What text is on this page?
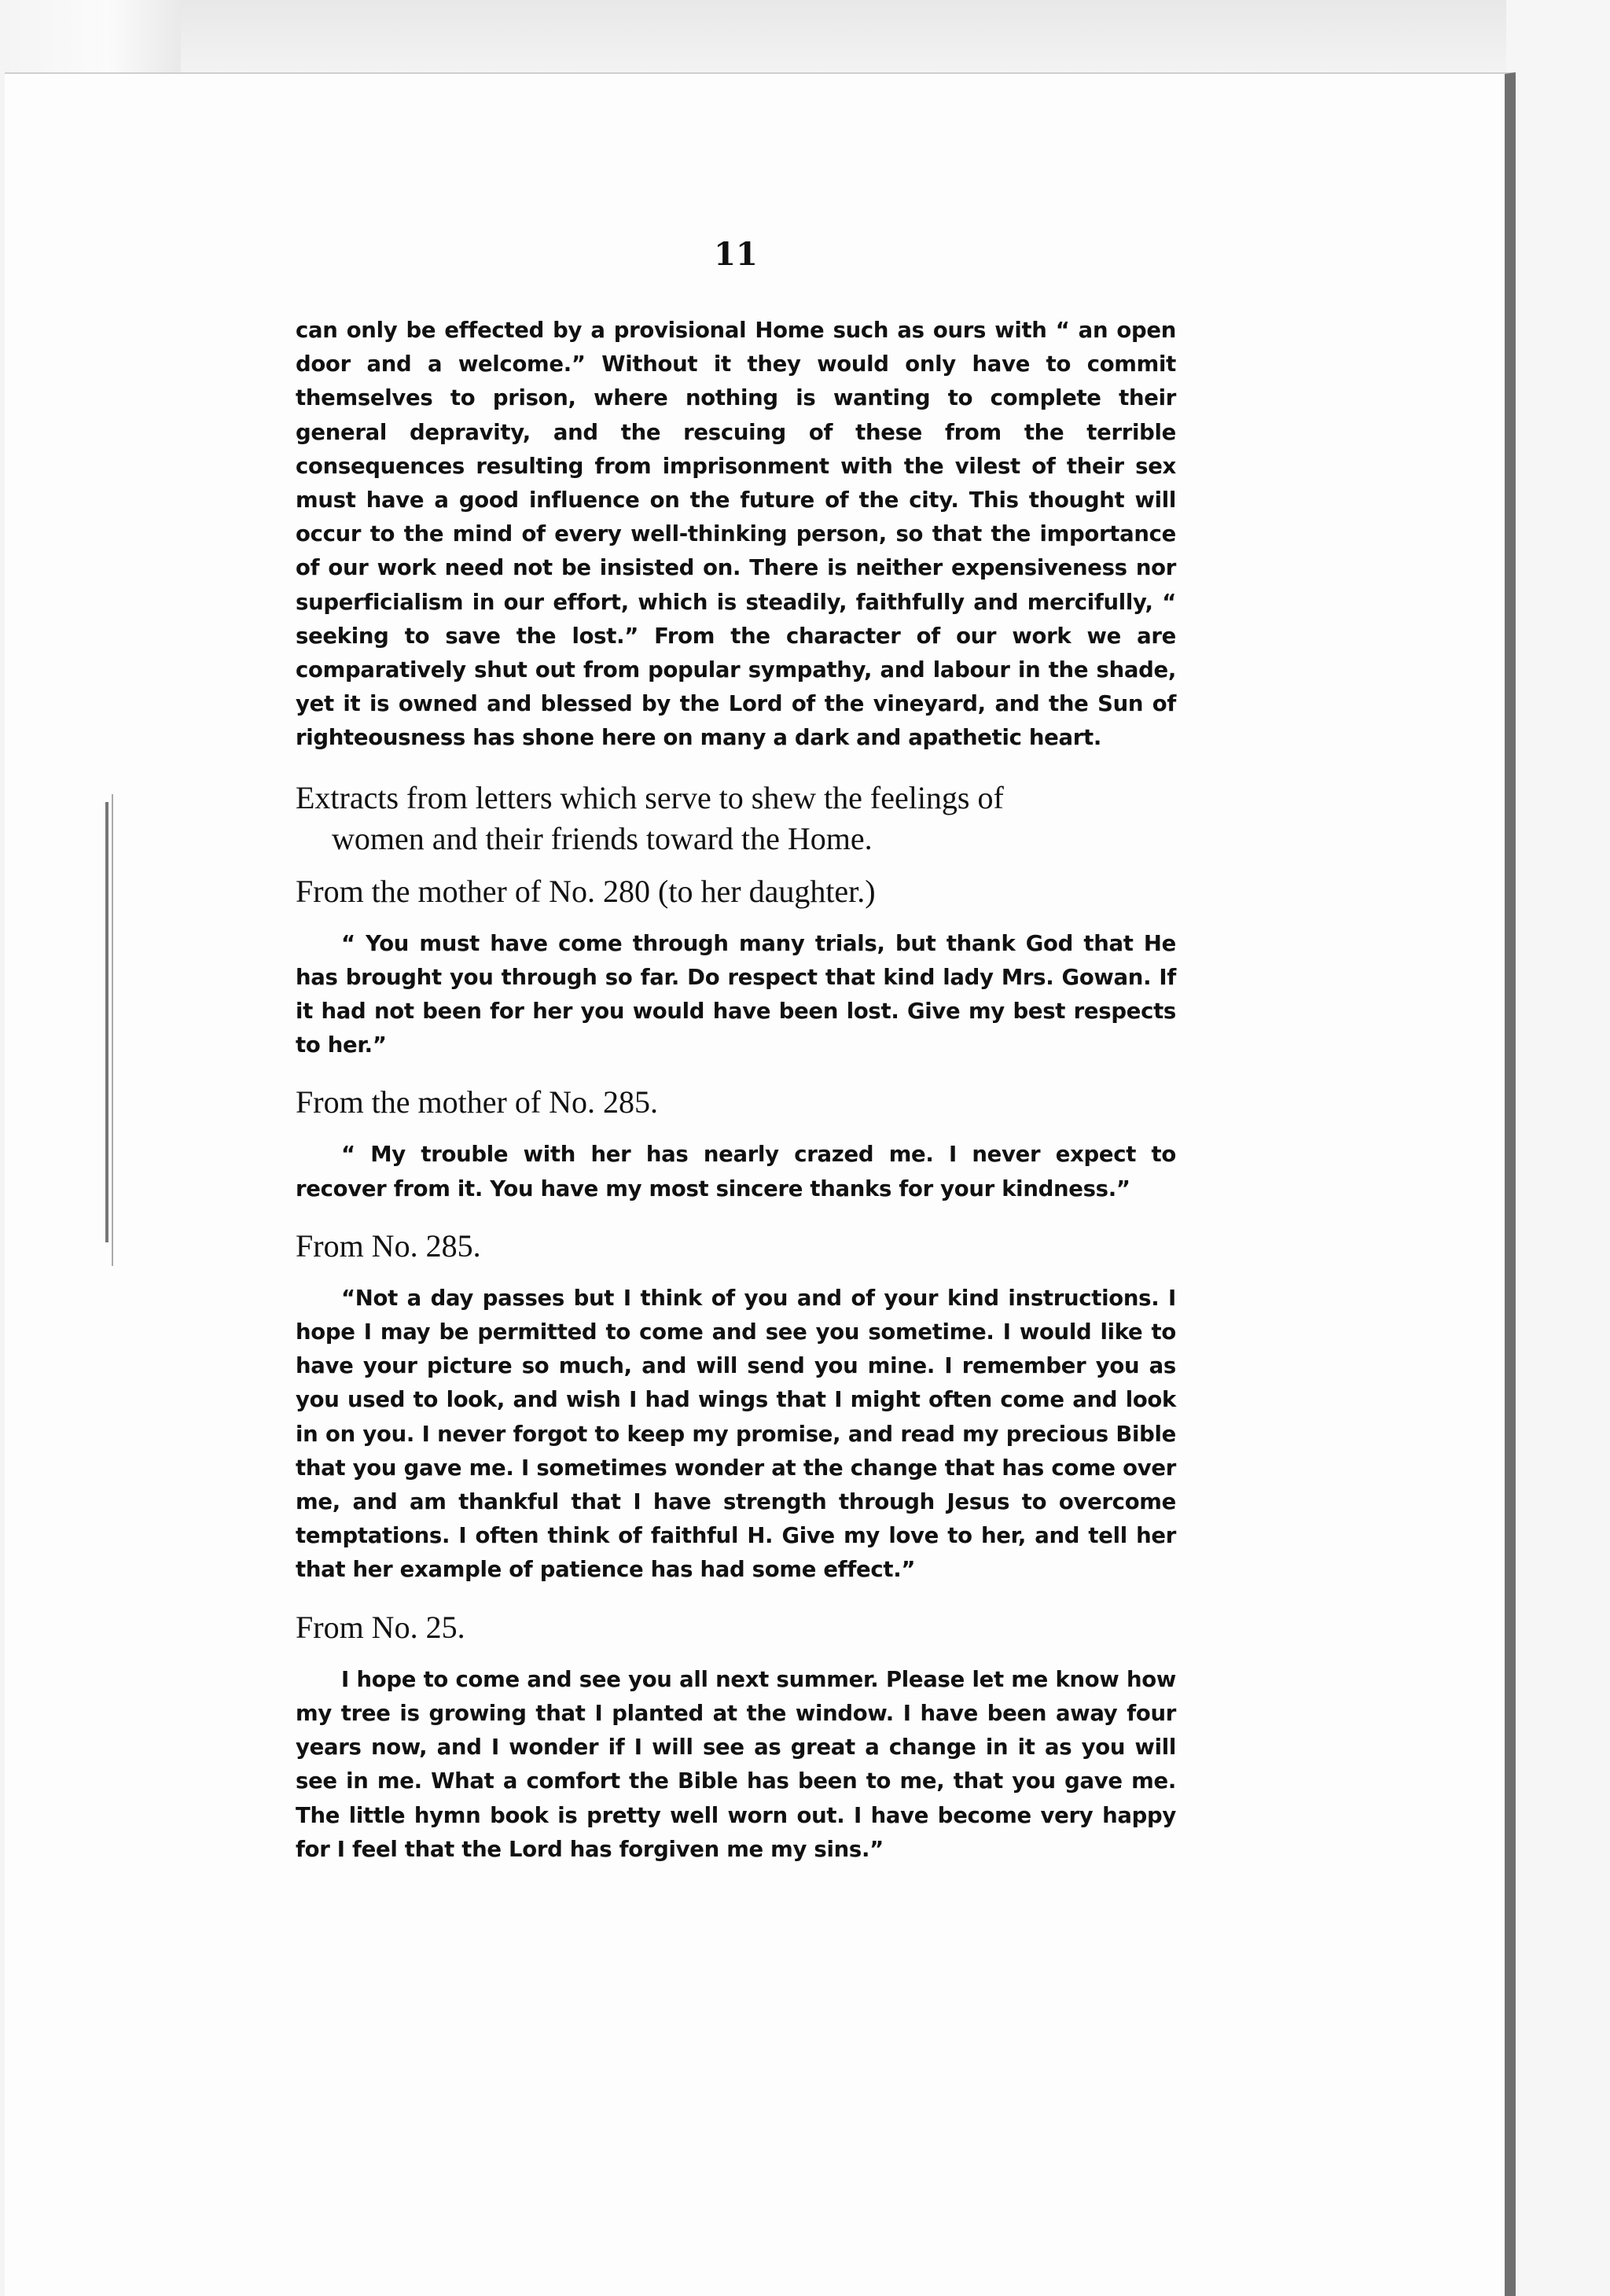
11

can only be effected by a provisional Home such as ours with “ an open door and a welcome.” Without it they would only have to commit themselves to prison, where nothing is wanting to complete their general depravity, and the rescuing of these from the terrible consequences resulting from imprisonment with the vilest of their sex must have a good influence on the future of the city. This thought will occur to the mind of every well-thinking person, so that the importance of our work need not be insisted on. There is neither expensiveness nor superficialism in our effort, which is steadily, faithfully and mercifully, “ seeking to save the lost.” From the character of our work we are comparatively shut out from popular sympathy, and labour in the shade, yet it is owned and blessed by the Lord of the vineyard, and the Sun of righteousness has shone here on many a dark and apathetic heart.

Extracts from letters which serve to shew the feelings of
women and their friends toward the Home.
From the mother of No. 280 (to her daughter.)

“ You must have come through many trials, but thank God that He has brought you through so far. Do respect that kind lady Mrs. Gowan. If it had not been for her you would have been lost. Give my best respects to her.”

From the mother of No. 285.

“ My trouble with her has nearly crazed me. I never expect to recover from it. You have my most sincere thanks for your kindness.”

From No. 285.

“Not a day passes but I think of you and of your kind instructions. I hope I may be permitted to come and see you sometime. I would like to have your picture so much, and will send you mine. I remember you as you used to look, and wish I had wings that I might often come and look in on you. I never forgot to keep my promise, and read my precious Bible that you gave me. I sometimes wonder at the change that has come over me, and am thankful that I have strength through Jesus to overcome temptations. I often think of faithful H. Give my love to her, and tell her that her example of patience has had some effect.”

From No. 25.

I hope to come and see you all next summer. Please let me know how my tree is growing that I planted at the window. I have been away four years now, and I wonder if I will see as great a change in it as you will see in me. What a comfort the Bible has been to me, that you gave me. The little hymn book is pretty well worn out. I have become very happy for I feel that the Lord has forgiven me my sins.”
